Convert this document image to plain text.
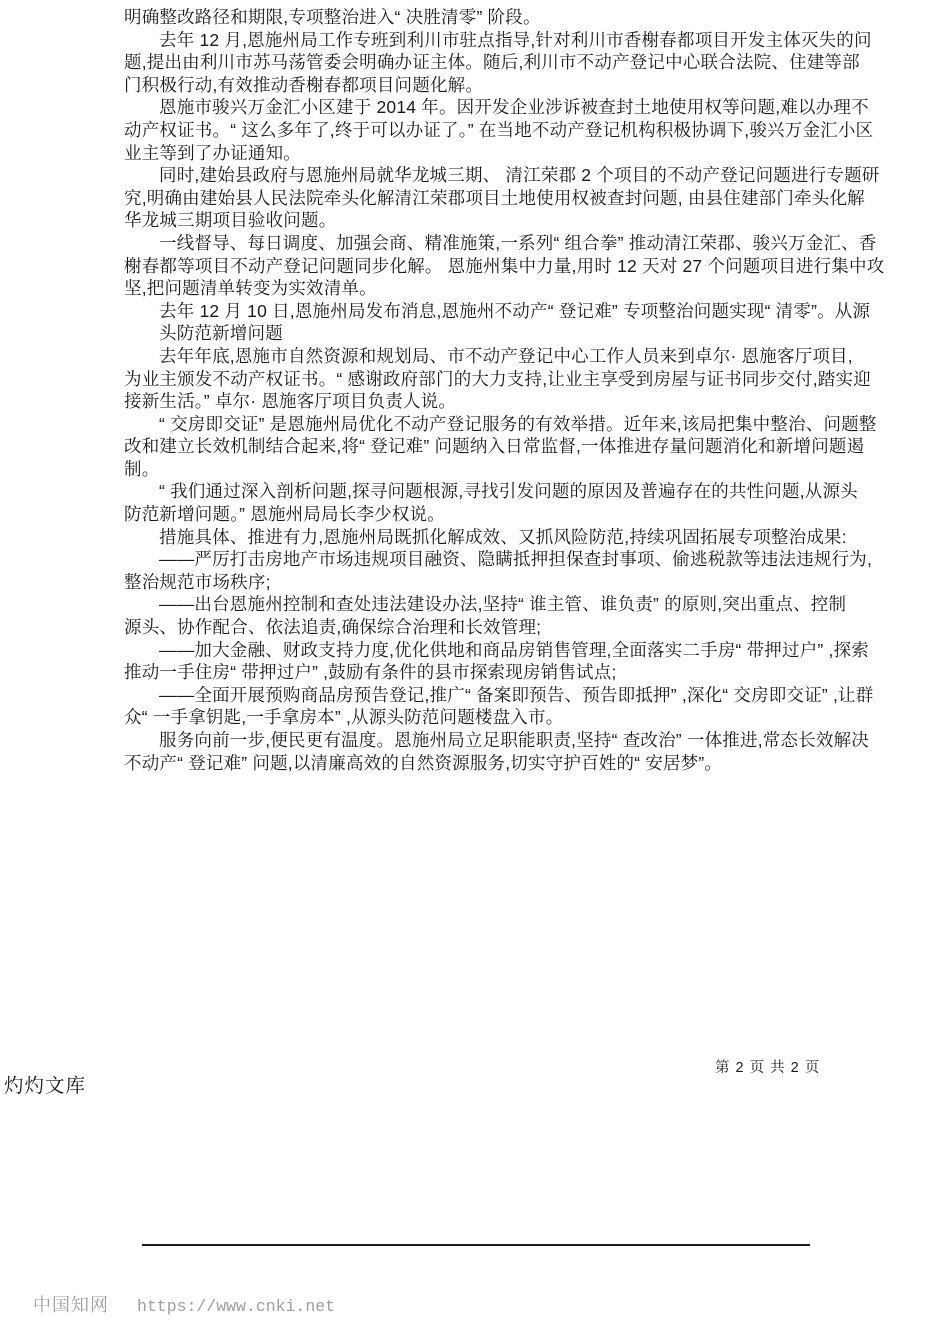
明确整改路径和期限,专项整治进入“ 决胜清零” 阶段。
去年 12 月,恩施州局工作专班到利川市驻点指导,针对利川市香榭春都项目开发主体灭失的问
题,提出由利川市苏马荡管委会明确办证主体。随后,利川市不动产登记中心联合法院、住建等部
门积极行动,有效推动香榭春都项目问题化解。
恩施市骏兴万金汇小区建于 2014 年。因开发企业涉诉被查封土地使用权等问题,难以办理不
动产权证书。“ 这么多年了,终于可以办证了。” 在当地不动产登记机构积极协调下,骏兴万金汇小区
业主等到了办证通知。
同时,建始县政府与恩施州局就华龙城三期、 清江荣郡 2 个项目的不动产登记问题进行专题研
究,明确由建始县人民法院牵头化解清江荣郡项目土地使用权被查封问题, 由县住建部门牵头化解
华龙城三期项目验收问题。
一线督导、每日调度、加强会商、精准施策,一系列“ 组合拳” 推动清江荣郡、骏兴万金汇、香
榭春都等项目不动产登记问题同步化解。 恩施州集中力量,用时 12 天对 27 个问题项目进行集中攻
坚,把问题清单转变为实效清单。
去年 12 月 10 日,恩施州局发布消息,恩施州不动产“ 登记难” 专项整治问题实现“ 清零”。从源
头防范新增问题
去年年底,恩施市自然资源和规划局、市不动产登记中心工作人员来到卓尔· 恩施客厅项目,
为业主颁发不动产权证书。“ 感谢政府部门的大力支持,让业主享受到房屋与证书同步交付,踏实迎
接新生活。” 卓尔· 恩施客厅项目负责人说。
“ 交房即交证” 是恩施州局优化不动产登记服务的有效举措。近年来,该局把集中整治、问题整
改和建立长效机制结合起来,将“ 登记难” 问题纳入日常监督,一体推进存量问题消化和新增问题遏
制。
“ 我们通过深入剖析问题,探寻问题根源,寻找引发问题的原因及普遍存在的共性问题,从源头
防范新增问题。” 恩施州局局长李少权说。
措施具体、推进有力,恩施州局既抓化解成效、又抓风险防范,持续巩固拓展专项整治成果:
——严厉打击房地产市场违规项目融资、隐瞒抵押担保查封事项、偷逃税款等违法违规行为,
整治规范市场秩序;
——出台恩施州控制和查处违法建设办法,坚持“ 谁主管、谁负责” 的原则,突出重点、控制
源头、协作配合、依法追责,确保综合治理和长效管理;
——加大金融、财政支持力度,优化供地和商品房销售管理,全面落实二手房“ 带押过户” ,探索
推动一手住房“ 带押过户” ,鼓励有条件的县市探索现房销售试点;
——全面开展预购商品房预告登记,推广“ 备案即预告、预告即抵押” ,深化“ 交房即交证” ,让群
众“ 一手拿钥匙,一手拿房本” ,从源头防范问题楼盘入市。
服务向前一步,便民更有温度。恩施州局立足职能职责,坚持“ 查改治” 一体推进,常态长效解决
不动产“ 登记难” 问题,以清廉高效的自然资源服务,切实守护百姓的“ 安居梦”。
第 2 页 共 2 页
灼灼文库
中国知网 https://www.cnki.net
